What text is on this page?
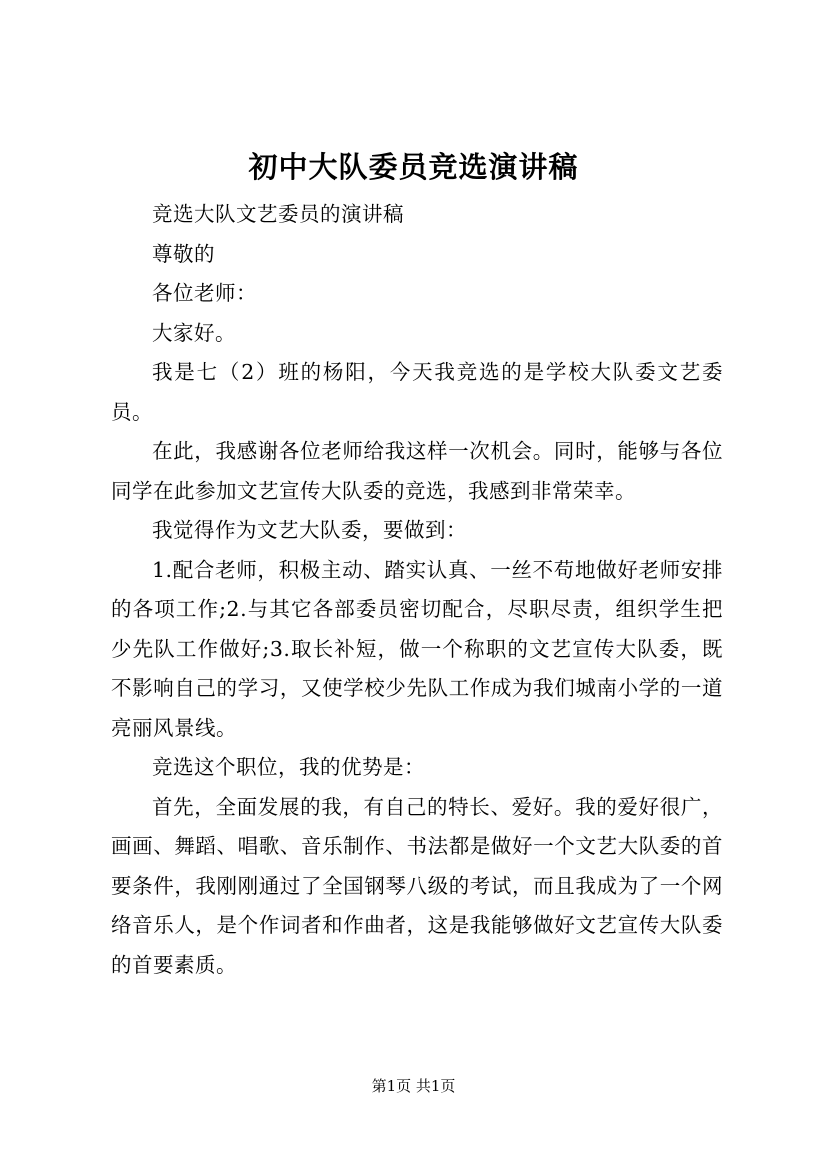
初中大队委员竞选演讲稿

竞选大队文艺委员的演讲稿

尊敬的

各位老师：

大家好。

我是七（2）班的杨阳，今天我竞选的是学校大队委文艺委员。

在此，我感谢各位老师给我这样一次机会。同时，能够与各位同学在此参加文艺宣传大队委的竞选，我感到非常荣幸。

我觉得作为文艺大队委，要做到：

1.配合老师，积极主动、踏实认真、一丝不苟地做好老师安排的各项工作;2.与其它各部委员密切配合，尽职尽责，组织学生把少先队工作做好;3.取长补短，做一个称职的文艺宣传大队委，既不影响自己的学习，又使学校少先队工作成为我们城南小学的一道亮丽风景线。

竞选这个职位，我的优势是：

首先，全面发展的我，有自己的特长、爱好。我的爱好很广，画画、舞蹈、唱歌、音乐制作、书法都是做好一个文艺大队委的首要条件，我刚刚通过了全国钢琴八级的考试，而且我成为了一个网络音乐人，是个作词者和作曲者，这是我能够做好文艺宣传大队委的首要素质。

第1页 共1页
